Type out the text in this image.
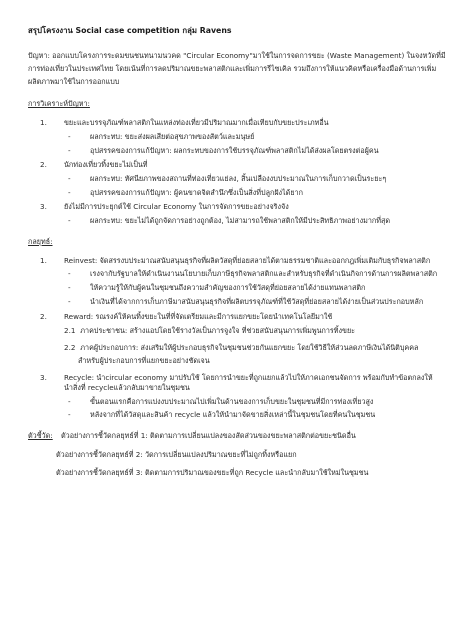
สรุปโครงงาน Social case competition กลุ่ม Ravens
ปัญหา: ออกแบบโครงการระดมขนชนทนามนวคด "Circular Economy"มาใช้ในการจดการขยะ (Waste Management) ในจงหวัดที่มีการท่องเที่ยวในประเทศไทย โดยเน้นที่การลดปริมาณขยะพลาสติกและเพิ่มการรีไซเคิล รวมถึงการให้แนวคิดหรือเครื่องมือด้านการเพิ่มผลิตภาพมาใช้ในการออกแบบ
การวิเคราะห์ปัญหา:
1. ขยะและบรรจุภัณฑ์พลาสติกในแหล่งท่องเที่ยวมีปริมาณมากเมื่อเทียบกับขยะประเภทอื่น
- ผลกระทบ: ขยะส่งผลเสียต่อสุขภาพของสัตว์และมนุษย์
- อุปสรรคของการแก้ปัญหา: ผลกระทบของการใช้บรรจุภัณฑ์พลาสติกไม่ได้ส่งผลโดยตรงต่อผู้คน
2. นักท่องเที่ยวทิ้งขยะไม่เป็นที่
- ผลกระทบ: ทัศนียภาพของสถานที่ท่องเที่ยวแย่ลง, สิ้นเปลืองงบประมาณในการเก็บกวาดเป็นระยะๆ
- อุปสรรคของการแก้ปัญหา: ผู้คนขาดจิตสำนึกซึ่งเป็นสิ่งที่ปลูกฝังได้ยาก
3. ยังไม่มีการประยุกต์ใช้ Circular Economy ในการจัดการขยะอย่างจริงจัง
- ผลกระทบ: ขยะไม่ได้ถูกจัดการอย่างถูกต้อง, ไม่สามารถใช้พลาสติกให้มีประสิทธิภาพอย่างมากที่สุด
กลยุทธ์:
1. Reinvest: จัดสรรงบประมาณสนับสนุนธุรกิจที่ผลิตวัสดุที่ย่อยสลายได้ตามธรรมชาติและออกกฎเพิ่มเติมกับธุรกิจพลาสติก
- เรงจากับรัฐบาลให้ดำเนินงานนโยบายเก็บภาษีธุรกิจพลาสติกและสำหรับธุรกิจที่ดำเนินกิจการด้านการผลิตพลาสติก
- ให้ความรู้ให้กับผู้คนในชุมชนถึงความสำคัญของการใช้วัสดุที่ย่อยสลายได้ง่ายแทนพลาสติก
- นำเงินที่ได้จากการเก็บภาษีมาสนับสนุนธุรกิจที่ผลิตบรรจุภัณฑ์ที่ใช้วัสดุที่ย่อยสลายได้ง่ายเป็นส่วนประกอบหลัก
2. Reward: รณรงค์ให้คนทิ้งขยะในที่ที่จัดเตรียมและมีการแยกขยะโดยนำเทคโนโลยีมาใช้
2.1 ภาคประชาชน: สร้างแอปโดยใช้รางวัลเป็นการจูงใจ ที่ช่วยสนับสนุนการเพิ่มพูนการทิ้งขยะ
2.2 ภาคผู้ประกอบการ: ส่งเสริมให้ผู้ประกอบธุรกิจในชุมชนช่วยกันแยกขยะ โดยใช้วิธีให้ส่วนลดภาษีเงินได้นิติบุคคล
สำหรับผู้ประกอบการที่แยกขยะอย่างชัดเจน
3. Recycle: นำcircular economy มาปรับใช้ โดยการนำขยะที่ถูกแยกแล้วไปให้ภาคเอกชนจัดการ พร้อมกับทำข้อตกลงให้
นำสิ่งที่ recycleแล้วกลับมาขายในชุมชน
- ขั้นตอนแรกคือการแบ่งงบประมาณไปเพิ่มในด้านของการเก็บขยะในชุมชนที่มีการท่องเที่ยวสูง
- หลังจากที่ได้วัสดุและสินค้า recycle แล้วให้นำมาจัดขายสิ่งเหล่านี้ในชุมชนโดยที่คนในชุมชน
ตัวชี้วัด: ตัวอย่างการชี้วัดกลยุทธ์ที่ 1: ติดตามการเปลี่ยนแปลงของสัดส่วนของขยะพลาสติกต่อขยะชนิดอื่น
ตัวอย่างการชี้วัดกลยุทธ์ที่ 2: วัดการเปลี่ยนแปลงปริมาณขยะที่ไม่ถูกทิ้งหรือแยก
ตัวอย่างการชี้วัดกลยุทธ์ที่ 3: ติดตามการปริมาณของขยะที่ถูก Recycle และนำกลับมาใช้ใหม่ในชุมชน
